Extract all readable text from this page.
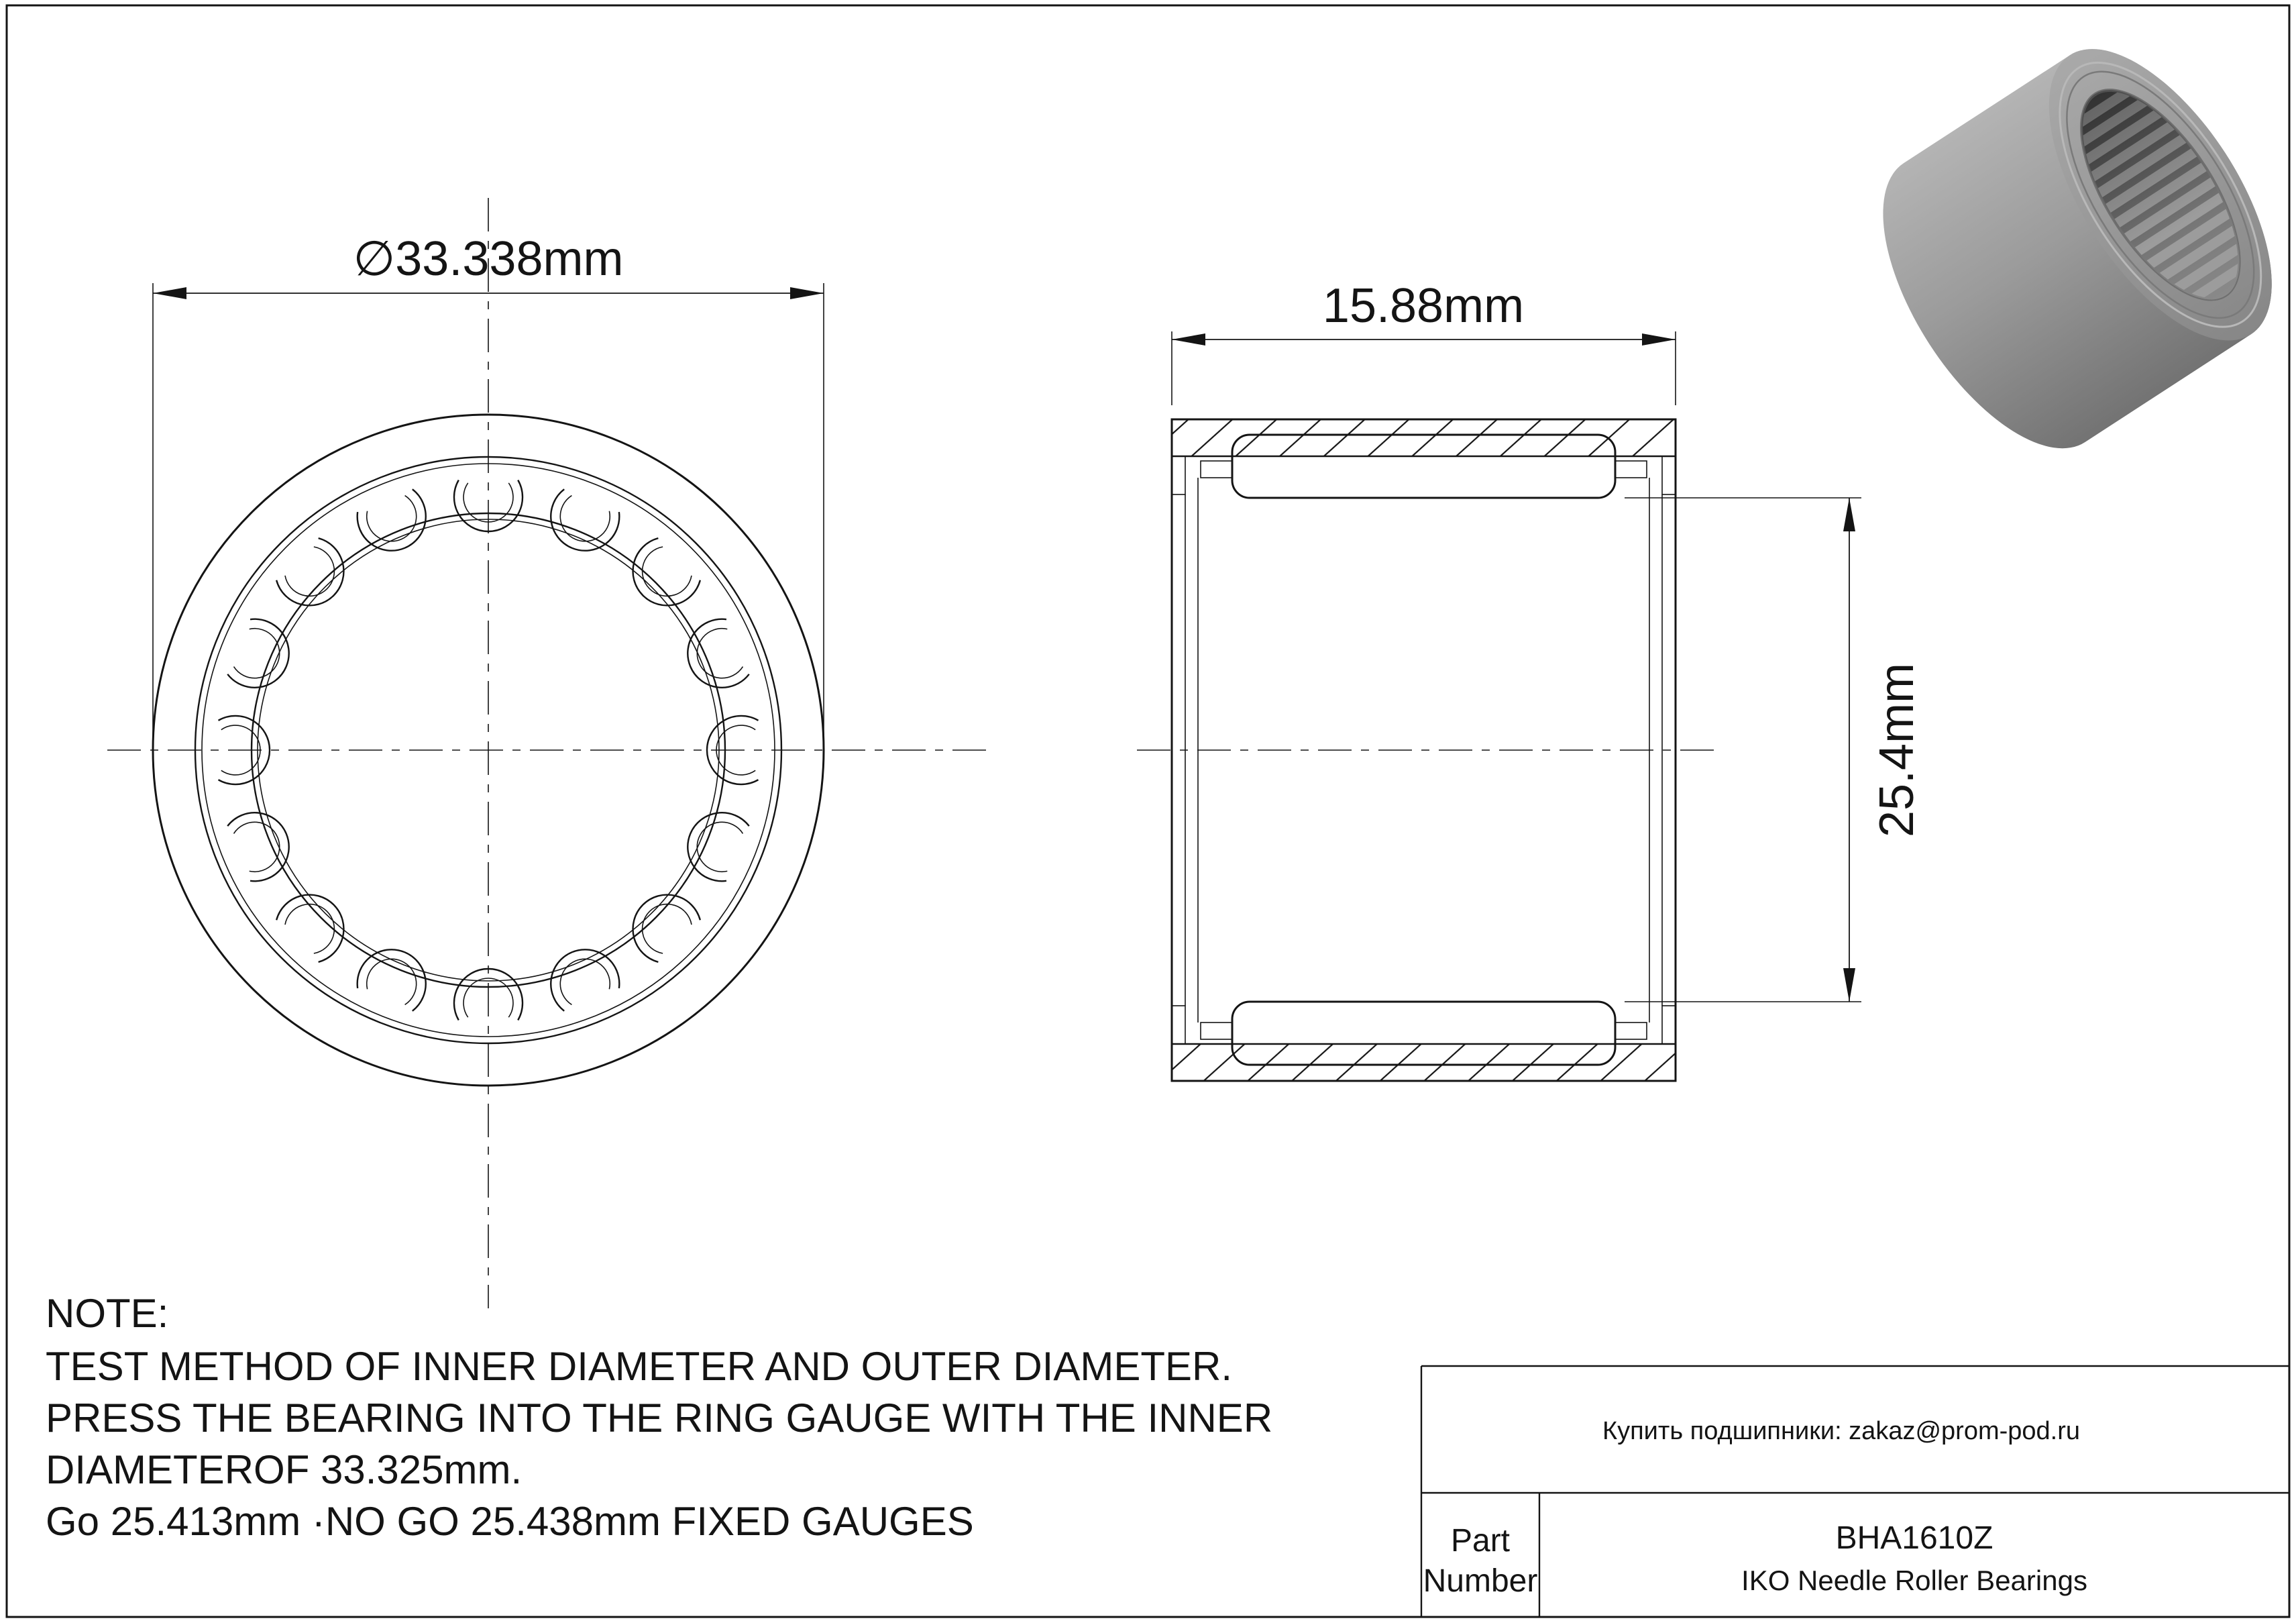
∅33.338mm
15.88mm
25.4mm
NOTE:
TEST METHOD OF INNER DIAMETER AND OUTER DIAMETER.
PRESS THE BEARING INTO THE RING GAUGE WITH THE INNER
DIAMETEROF 33.325mm.
Go 25.413mm ·NO GO 25.438mm FIXED GAUGES
Купить подшипники: zakaz@prom-pod.ru
Part
Number
BHA1610Z
IKO Needle Roller Bearings
